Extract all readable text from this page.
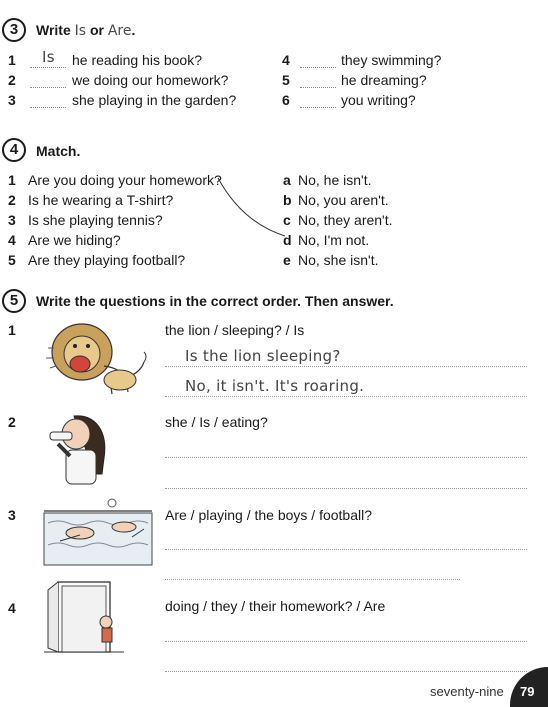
3	Write Is or Are.
1 Is he reading his book?
2	we doing our homework?
3	she playing in the garden?
4	they swimming?
5	he dreaming?
6	you writing?
4	Match.
1 Are you doing your homework?
2 Is he wearing a T-shirt?
3 Is she playing tennis?
4 Are we hiding?
5 Are they playing football?
a No, he isn't.
b No, you aren't.
c No, they aren't.
d No, I'm not.
e No, she isn't.
5	Write the questions in the correct order. Then answer.
1	the lion / sleeping? / Is
Is the lion sleeping?
No, it isn't. It's roaring.
2	she / Is / eating?
3	Are / playing / the boys / football?
4	doing / they / their homework? / Are
seventy-nine 79
